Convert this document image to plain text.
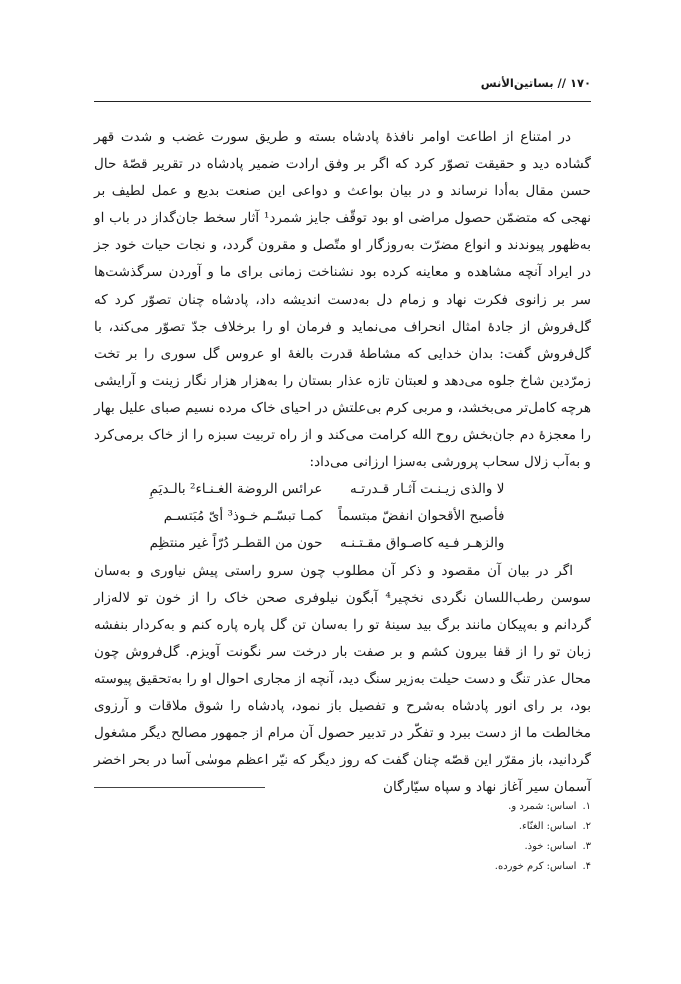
۱۷۰ // بساتین‌الأنس

در امتناع از اطاعت اوامر نافذهٔ پادشاه بسته و طریق سورت غضب و شدت قهر گشاده دید و حقیقت تصوّر کرد که اگر بر وفق ارادت ضمیر پادشاه در تقریر قصّهٔ حال حسن مقال به‌أدا نرساند و در بیان بواعث و دواعی این صنعت بدیع و عمل لطیف بر نهجی که متضمّن حصول مراضی او بود توقّف جایز شمرد¹ آثار سخط جان‌گداز در باب او به‌ظهور پیوندند و انواع مضرّت به‌روزگار او متّصل و مقرون گردد، و نجات حیات خود جز در ایراد آنچه مشاهده و معاینه کرده بود نشناخت زمانی برای ما و آوردن سرگذشت‌ها سر بر زانوی فکرت نهاد و زمام دل به‌دست اندیشه داد، پادشاه چنان تصوّر کرد که گل‌فروش از جادهٔ امثال انحراف می‌نماید و فرمان او را برخلاف جدّ تصوّر می‌کند، با گل‌فروش گفت: بدان خدایی که مشاطهٔ قدرت بالغهٔ او عروس گل سوری را بر تخت زمرّدین شاخ جلوه می‌دهد و لعبتان تازه عذار بستان را به‌هزار هزار نگار زینت و آرایشی هرچه کامل‌تر می‌بخشد، و مربی کرم بی‌علتش در احیای خاک مرده نسیم صبای علیل بهار را معجزهٔ دم جان‌بخش روح الله کرامت می‌کند و از راه تربیت سبزه را از خاک برمی‌کرد و به‌آب زلال سحاب پرورشی به‌سزا ارزانی می‌داد:

لا والذی زیـنـت آثـار قـدرتـه
عرائس الروضة الغـنـاء² بالـدیَمِ
فأصبح الأقحوان انفضّ مبتسماً
کمـا تبسّـم خـوذ³ أیّ مُبَتسـم
والزهـر فـیه کاصـواق مقـتـنـه
حون من القطـر دُرّاً غیر منتظِم

اگر در بیان آن مقصود و ذکر آن مطلوب چون سرو راستی پیش نیاوری و به‌سان سوسن رطب‌اللسان نگردی نخچیر⁴ آبگون نیلوفری صحن خاک را از خون تو لاله‌زار گردانم و به‌پیکان مانند برگ بید سینهٔ تو را به‌سان تن گل پاره پاره کنم و به‌کردار بنفشه زبان تو را از قفا بیرون کشم و بر صفت بار درخت سر نگونت آویزم. گل‌فروش چون محال عذر تنگ و دست حیلت به‌زیر سنگ دید، آنچه از مجاری احوال او را به‌تحقیق پیوسته بود، بر رای انور پادشاه به‌شرح و تفصیل باز نمود، پادشاه را شوق ملاقات و آرزوی مخالطت ما از دست ببرد و تفکّر در تدبیر حصول آن مرام از جمهور مصالح دیگر مشغول گردانید، باز مقرّر این قصّه چنان گفت که روز دیگر که نیّر اعظم موسٰی آسا در بحر اخضر آسمان سیر آغاز نهاد و سپاه سیّارگان

۱.
اساس: شمرد و.
۲.
اساس: الغنّاء.
۳.
اساس: خوذ.
۴.
اساس: کرم خورده.
